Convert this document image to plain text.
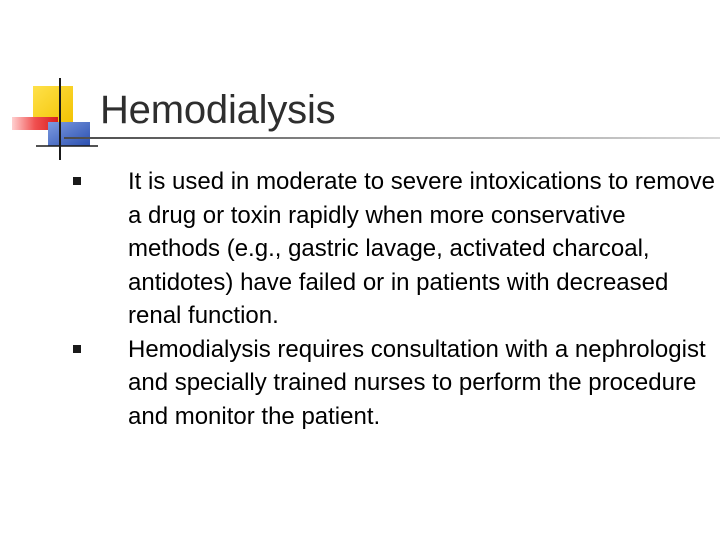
Hemodialysis
It is used in moderate to severe intoxications to remove a drug or toxin rapidly when more conservative methods (e.g., gastric lavage, activated charcoal, antidotes) have failed or in patients with decreased renal function.
Hemodialysis requires consultation with a nephrologist and specially trained nurses to perform the procedure and monitor the patient.
